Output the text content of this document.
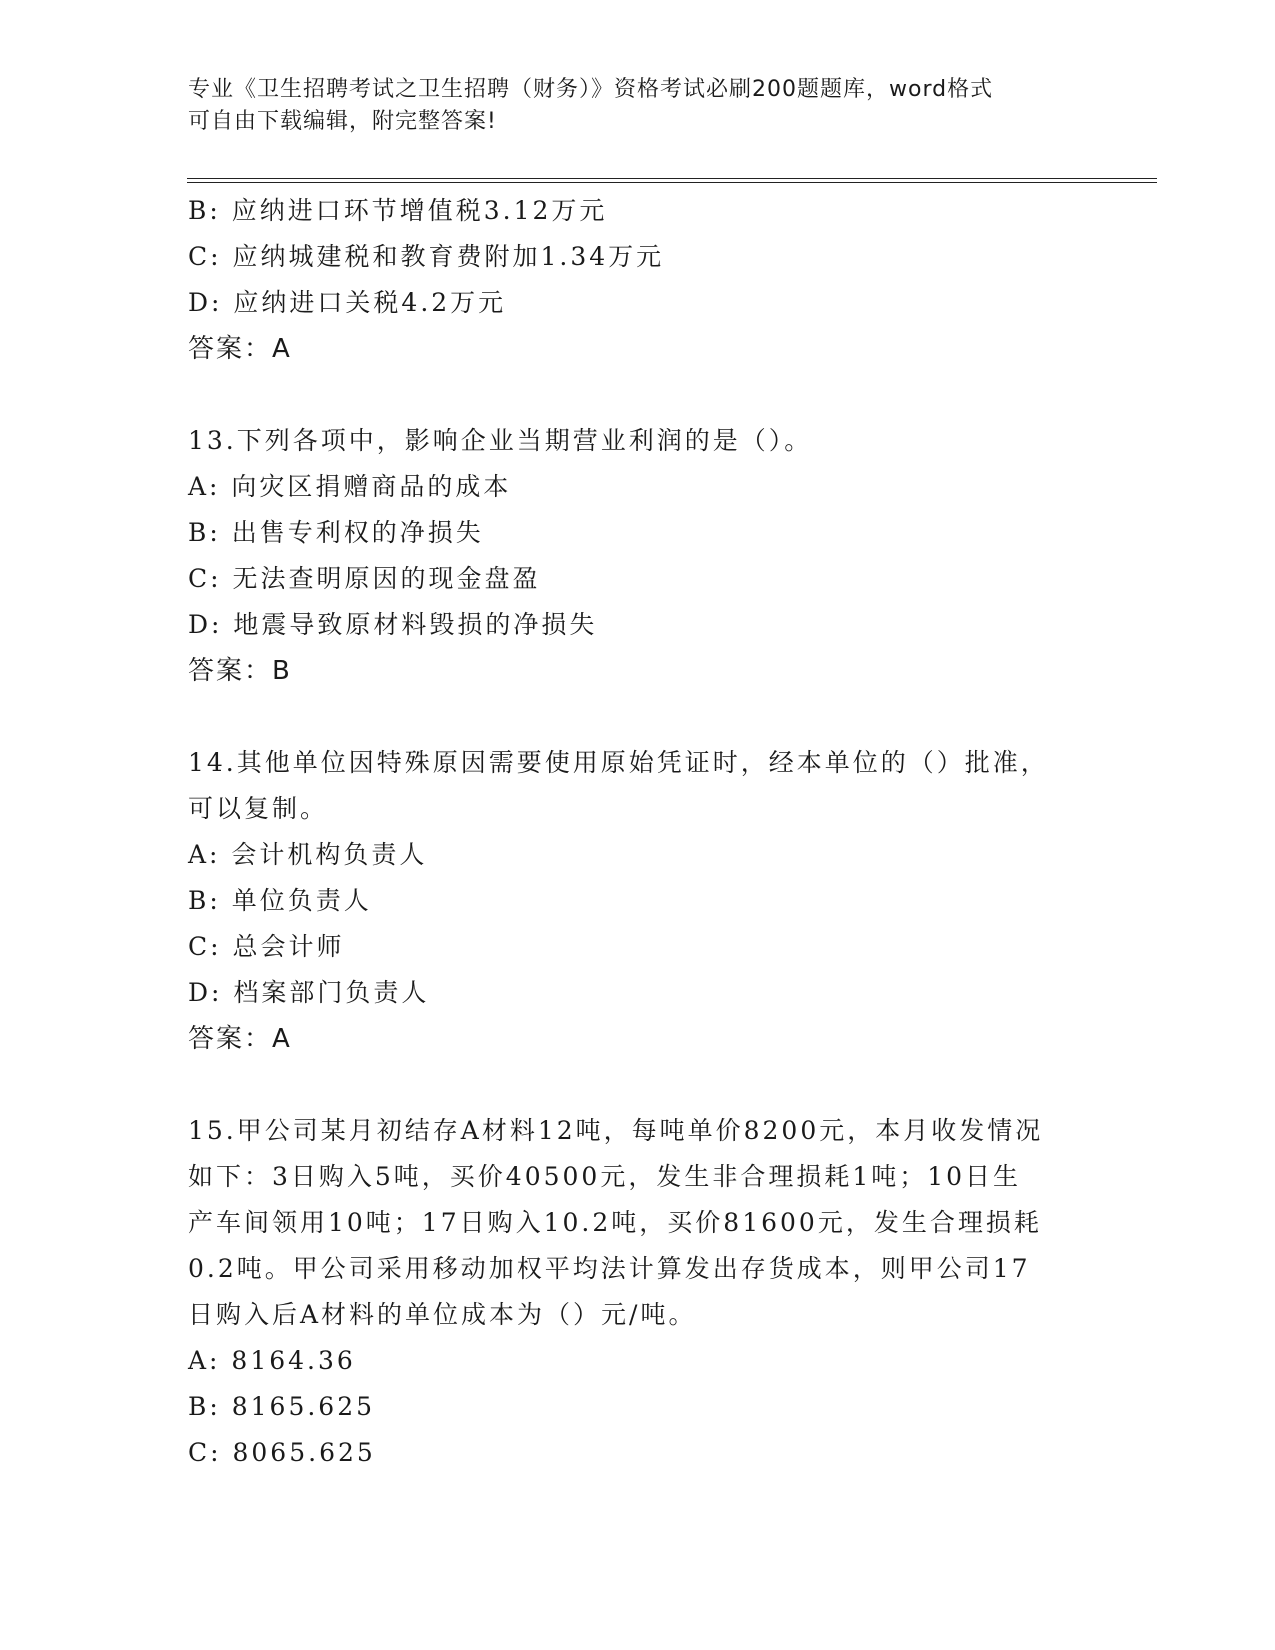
专业《卫生招聘考试之卫生招聘（财务）》资格考试必刷200题题库，word格式
可自由下载编辑，附完整答案!
B: 应纳进口环节增值税3.12万元
C: 应纳城建税和教育费附加1.34万元
D: 应纳进口关税4.2万元
答案：A
13.下列各项中，影响企业当期营业利润的是（）。
A: 向灾区捐赠商品的成本
B: 出售专利权的净损失
C: 无法查明原因的现金盘盈
D: 地震导致原材料毁损的净损失
答案：B
14.其他单位因特殊原因需要使用原始凭证时，经本单位的（）批准，
可以复制。
A: 会计机构负责人
B: 单位负责人
C: 总会计师
D: 档案部门负责人
答案：A
15.甲公司某月初结存A材料12吨，每吨单价8200元，本月收发情况
如下：3日购入5吨，买价40500元，发生非合理损耗1吨；10日生
产车间领用10吨；17日购入10.2吨，买价81600元，发生合理损耗
0.2吨。甲公司采用移动加权平均法计算发出存货成本，则甲公司17
日购入后A材料的单位成本为（）元/吨。
A: 8164.36
B: 8165.625
C: 8065.625
